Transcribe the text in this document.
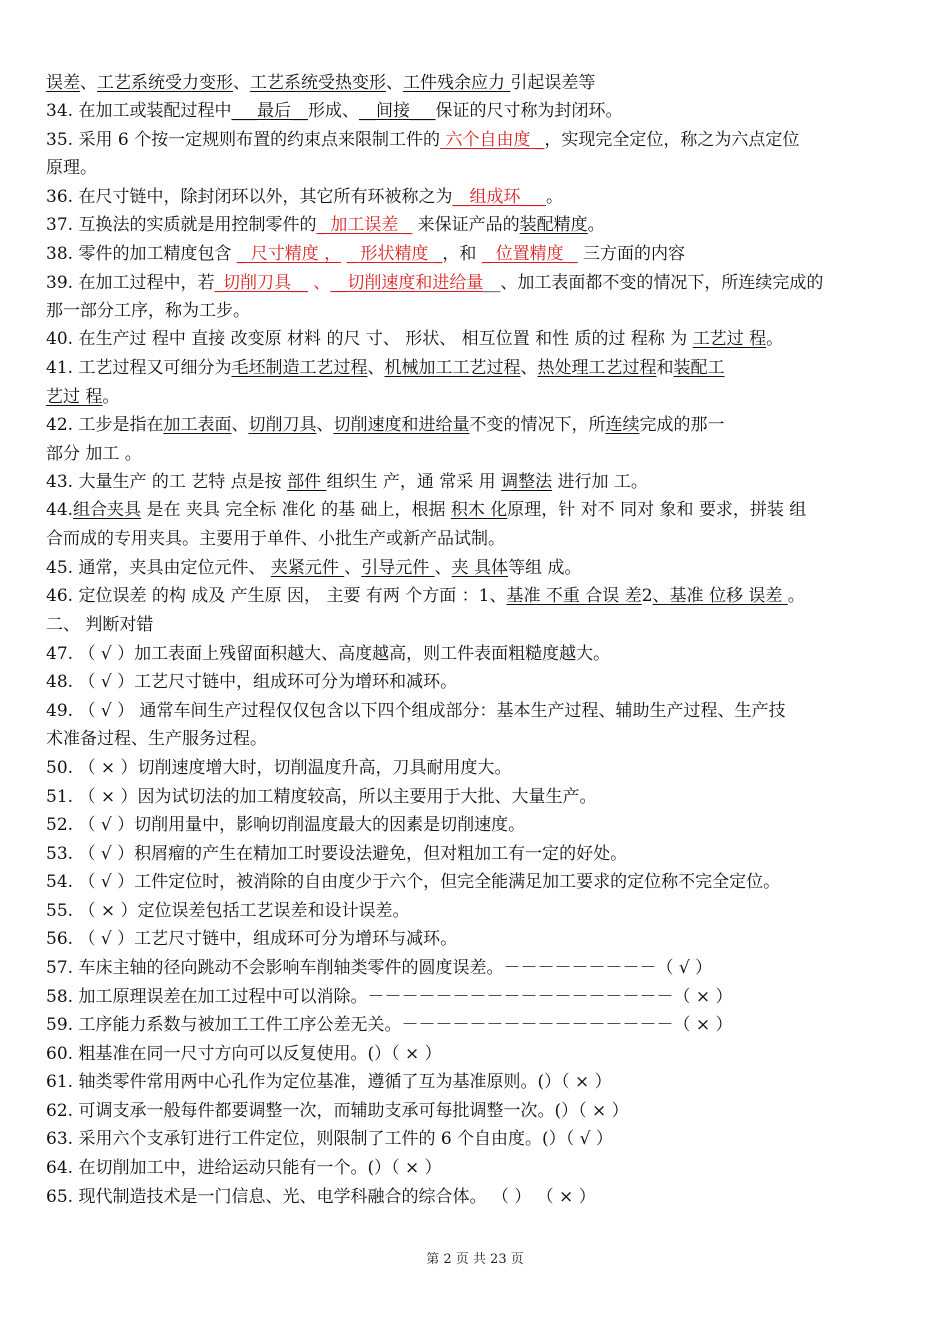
误差、工艺系统受力变形、工艺系统受热变形、工件残余应力 引起误差等
34. 在加工或装配过程中___最后__形成、__间接___保证的尺寸称为封闭环。
35. 采用 6 个按一定规则布置的约束点来限制工件的 六个自由度 _，实现完全定位，称之为六点定位
原理。
36. 在尺寸链中，除封闭环以外，其它所有环被称之为__组成环___。
37. 互换法的实质就是用控制零件的_ 加工误差 _ 来保证产品的装配精度。
38. 零件的加工精度包含 _ 尺寸精度 ， _ 形状精度 _，和 _ 位置精度 _ 三方面的内容
39. 在加工过程中，若_切削刀具__ 、__切削速度和进给量__、加工表面都不变的情况下，所连续完成的
那一部分工序，称为工步。
40. 在生产过 程中 直接 改变原 材料 的尺 寸、 形状、 相互位置 和性 质的过 程称 为 工艺过 程。
41. 工艺过程又可细分为毛坯制造工艺过程、机械加工工艺过程、热处理工艺过程和装配工
艺过 程。
42. 工步是指在加工表面、切削刀具、切削速度和进给量不变的情况下，所连续完成的那一
部分 加工 。
43. 大量生产 的工 艺特 点是按 部件 组织生 产，通 常采 用 调整法 进行加 工。
44.组合夹具 是在 夹具 完全标 准化 的基 础上，根据 积木 化原理，针 对不 同对 象和 要求，拼装 组
合而成的专用夹具。主要用于单件、小批生产或新产品试制。
45. 通常，夹具由定位元件、 夹紧元件 、引导元件 、夹 具体等组 成。
46. 定位误差 的构 成及 产生原 因， 主要 有两 个方面 ：1、基准 不重 合误 差2、基准 位移 误差 。
二、 判断对错
47. （ √ ）加工表面上残留面积越大、高度越高，则工件表面粗糙度越大。
48. （ √ ）工艺尺寸链中，组成环可分为增环和减环。
49. （ √ ） 通常车间生产过程仅仅包含以下四个组成部分：基本生产过程、辅助生产过程、生产技
术准备过程、生产服务过程。
50. （ × ）切削速度增大时，切削温度升高，刀具耐用度大。
51. （ × ）因为试切法的加工精度较高，所以主要用于大批、大量生产。
52. （ √ ）切削用量中，影响切削温度最大的因素是切削速度。
53. （ √ ）积屑瘤的产生在精加工时要设法避免，但对粗加工有一定的好处。
54. （ √ ）工件定位时，被消除的自由度少于六个，但完全能满足加工要求的定位称不完全定位。
55. （ × ）定位误差包括工艺误差和设计误差。
56. （ √ ）工艺尺寸链中，组成环可分为增环与减环。
57. 车床主轴的径向跳动不会影响车削轴类零件的圆度误差。－－－－－－－－－（ √ ）
58. 加工原理误差在加工过程中可以消除。－－－－－－－－－－－－－－－－－－（ × ）
59. 工序能力系数与被加工工件工序公差无关。－－－－－－－－－－－－－－－－（ × ）
60. 粗基准在同一尺寸方向可以反复使用。(）（ × ）
61. 轴类零件常用两中心孔作为定位基准，遵循了互为基准原则。(）（ × ）
62. 可调支承一般每件都要调整一次，而辅助支承可每批调整一次。(）（ × ）
63. 采用六个支承钉进行工件定位，则限制了工件的 6 个自由度。(）（ √ ）
64. 在切削加工中，进给运动只能有一个。(）（ × ）
65. 现代制造技术是一门信息、光、电学科融合的综合体。 （ ） （ × ）
第 2 页 共 23 页
